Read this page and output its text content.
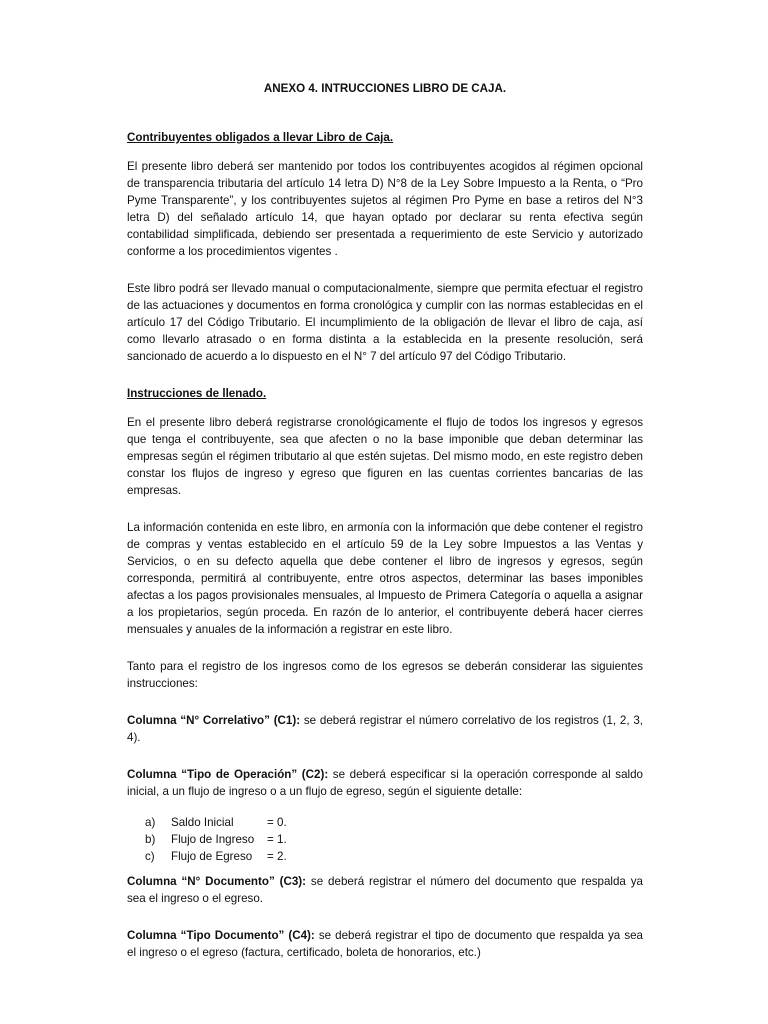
ANEXO 4. INTRUCCIONES LIBRO DE CAJA.
Contribuyentes obligados a llevar Libro de Caja.

El presente libro deberá ser mantenido por todos los contribuyentes acogidos al régimen opcional de transparencia tributaria del artículo 14 letra D) N°8 de la Ley Sobre Impuesto a la Renta, o “Pro Pyme Transparente”, y los contribuyentes sujetos al régimen Pro Pyme en base a retiros del N°3 letra D) del señalado artículo 14, que hayan optado por declarar su renta efectiva según contabilidad simplificada, debiendo ser presentada a requerimiento de este Servicio y autorizado conforme a los procedimientos vigentes .

Este libro podrá ser llevado manual o computacionalmente, siempre que permita efectuar el registro de las actuaciones y documentos en forma cronológica y cumplir con las normas establecidas en el artículo 17 del Código Tributario. El incumplimiento de la obligación de llevar el libro de caja, así como llevarlo atrasado o en forma distinta a la establecida en la presente resolución, será sancionado de acuerdo a lo dispuesto en el N° 7 del artículo 97 del Código Tributario.

Instrucciones de llenado.

En el presente libro deberá registrarse cronológicamente el flujo de todos los ingresos y egresos que tenga el contribuyente, sea que afecten o no la base imponible que deban determinar las empresas según el régimen tributario al que estén sujetas. Del mismo modo, en este registro deben constar los flujos de ingreso y egreso que figuren en las cuentas corrientes bancarias de las empresas.

La información contenida en este libro, en armonía con la información que debe contener el registro de compras y ventas establecido en el artículo 59 de la Ley sobre Impuestos a las Ventas y Servicios, o en su defecto aquella que debe contener el libro de ingresos y egresos, según corresponda, permitirá al contribuyente, entre otros aspectos, determinar las bases imponibles afectas a los pagos provisionales mensuales, al Impuesto de Primera Categoría o aquella a asignar a los propietarios, según proceda. En razón de lo anterior, el contribuyente deberá hacer cierres mensuales y anuales de la información a registrar en este libro.

Tanto para el registro de los ingresos como de los egresos se deberán considerar las siguientes instrucciones:

Columna “N° Correlativo” (C1): se deberá registrar el número correlativo de los registros (1, 2, 3, 4).

Columna “Tipo de Operación” (C2): se deberá especificar si la operación corresponde al saldo inicial, a un flujo de ingreso o a un flujo de egreso, según el siguiente detalle:

a)	Saldo Inicial	= 0.
b)	Flujo de Ingreso	= 1.
c)	Flujo de Egreso	= 2.

Columna “N° Documento” (C3): se deberá registrar el número del documento que respalda ya sea el ingreso o el egreso.

Columna “Tipo Documento” (C4): se deberá registrar el tipo de documento que respalda ya sea el ingreso o el egreso (factura, certificado, boleta de honorarios, etc.)
